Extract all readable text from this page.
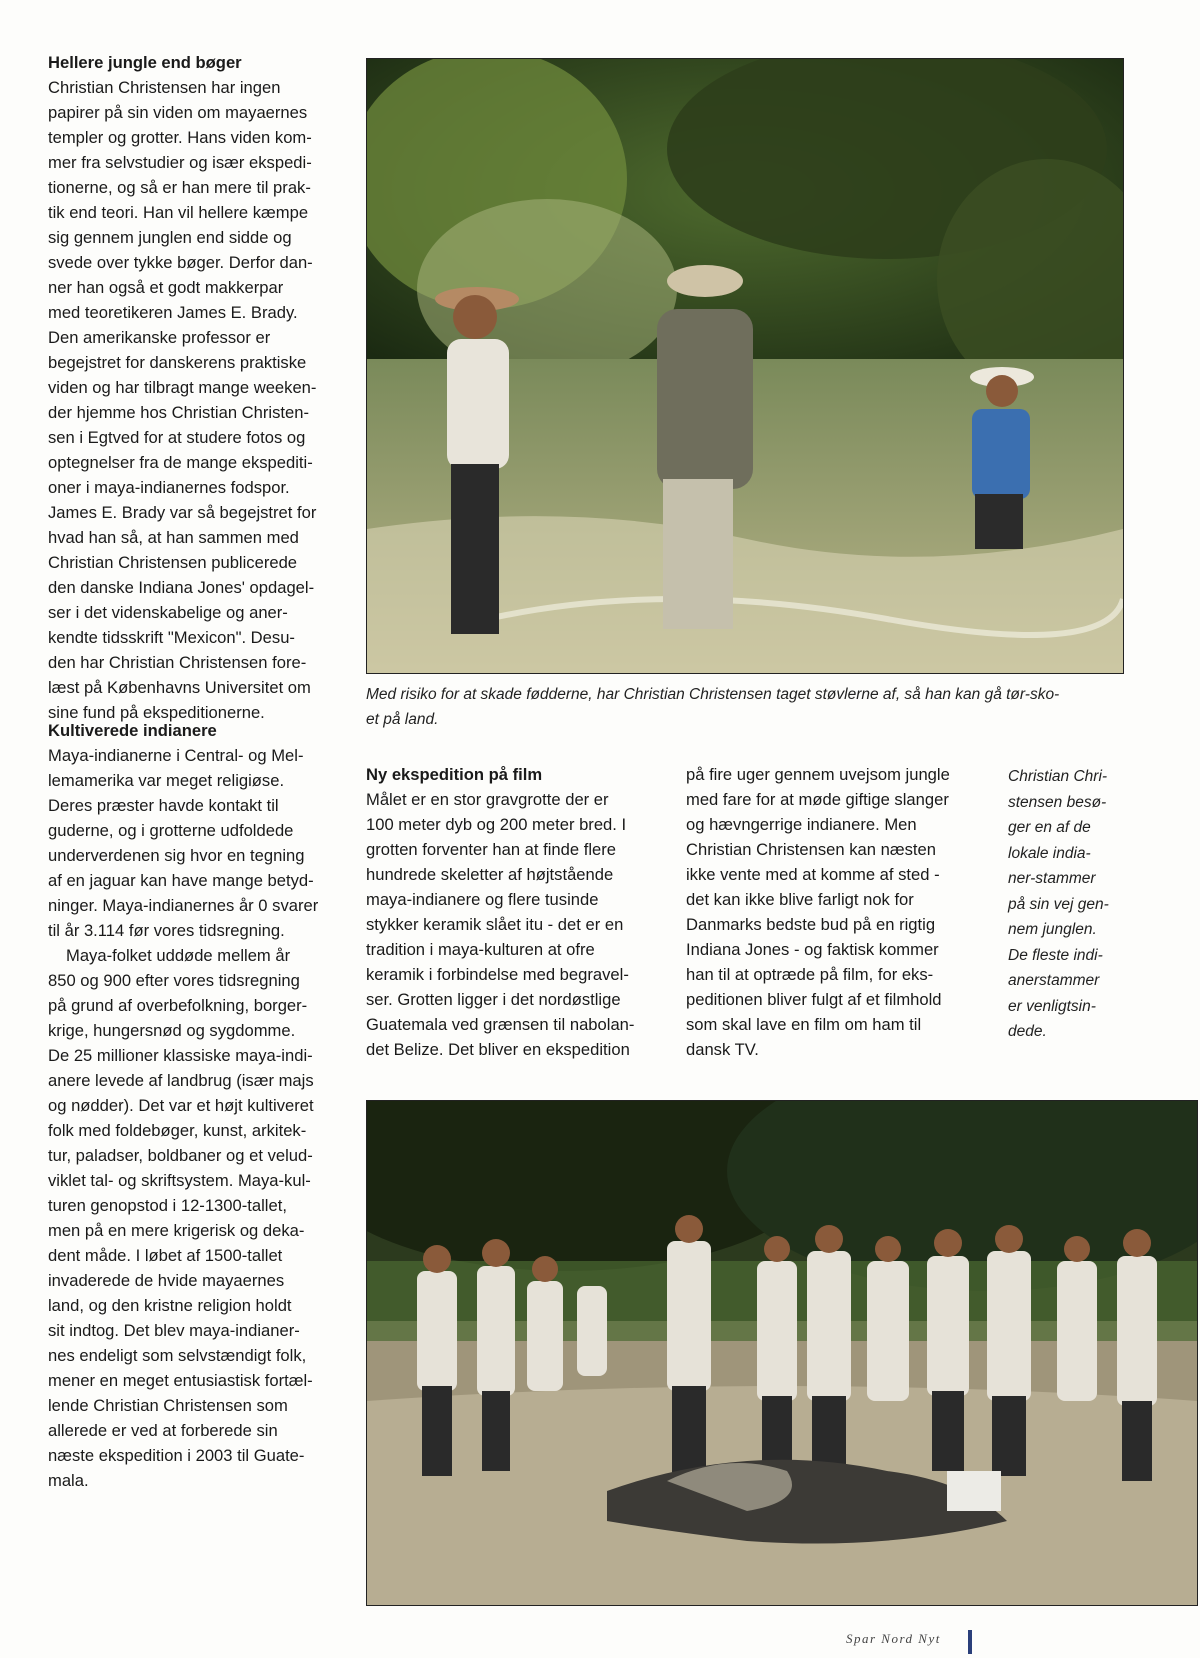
Hellere jungle end bøger
Christian Christensen har ingen
papirer på sin viden om mayaernes
templer og grotter. Hans viden kom-
mer fra selvstudier og især ekspedi-
tionerne, og så er han mere til prak-
tik end teori. Han vil hellere kæmpe
sig gennem junglen end sidde og
svede over tykke bøger. Derfor dan-
ner han også et godt makkerpar
med teoretikeren James E. Brady.
Den amerikanske professor er
begejstret for danskerens praktiske
viden og har tilbragt mange weeken-
der hjemme hos Christian Christen-
sen i Egtved for at studere fotos og
optegnelser fra de mange ekspediti-
oner i maya-indianernes fodspor.
James E. Brady var så begejstret for
hvad han så, at han sammen med
Christian Christensen publicerede
den danske Indiana Jones' opdagel-
ser i det videnskabelige og aner-
kendte tidsskrift "Mexicon". Desu-
den har Christian Christensen fore-
læst på Københavns Universitet om
sine fund på ekspeditionerne.
Kultiverede indianere
Maya-indianerne i Central- og Mel-
lemamerika var meget religiøse.
Deres præster havde kontakt til
guderne, og i grotterne udfoldede
underverdenen sig hvor en tegning
af en jaguar kan have mange betyd-
ninger. Maya-indianernes år 0 svarer
til år 3.114 før vores tidsregning.
Maya-folket uddøde mellem år
850 og 900 efter vores tidsregning
på grund af overbefolkning, borger-
krige, hungersnød og sygdomme.
De 25 millioner klassiske maya-indi-
anere levede af landbrug (især majs
og nødder). Det var et højt kultiveret
folk med foldebøger, kunst, arkitek-
tur, paladser, boldbaner og et velud-
viklet tal- og skriftsystem. Maya-kul-
turen genopstod i 12-1300-tallet,
men på en mere krigerisk og deka-
dent måde. I løbet af 1500-tallet
invaderede de hvide mayaernes
land, og den kristne religion holdt
sit indtog. Det blev maya-indianer-
nes endeligt som selvstændigt folk,
mener en meget entusiastisk fortæl-
lende Christian Christensen som
allerede er ved at forberede sin
næste ekspedition i 2003 til Guate-
mala.
Med risiko for at skade fødderne, har Christian Christensen taget støvlerne af, så han kan gå tør-sko-
et på land.
Ny ekspedition på film
Målet er en stor gravgrotte der er
100 meter dyb og 200 meter bred. I
grotten forventer han at finde flere
hundrede skeletter af højtstående
maya-indianere og flere tusinde
stykker keramik slået itu - det er en
tradition i maya-kulturen at ofre
keramik i forbindelse med begravel-
ser. Grotten ligger i det nordøstlige
Guatemala ved grænsen til nabolan-
det Belize. Det bliver en ekspedition
på fire uger gennem uvejsom jungle
med fare for at møde giftige slanger
og hævngerrige indianere. Men
Christian Christensen kan næsten
ikke vente med at komme af sted -
det kan ikke blive farligt nok for
Danmarks bedste bud på en rigtig
Indiana Jones - og faktisk kommer
han til at optræde på film, for eks-
peditionen bliver fulgt af et filmhold
som skal lave en film om ham til
dansk TV.
Christian Chri-
stensen besø-
ger en af de
lokale india-
ner-stammer
på sin vej gen-
nem junglen.
De fleste indi-
anerstammer
er venligtsin-
dede.
Spar Nord Nyt
